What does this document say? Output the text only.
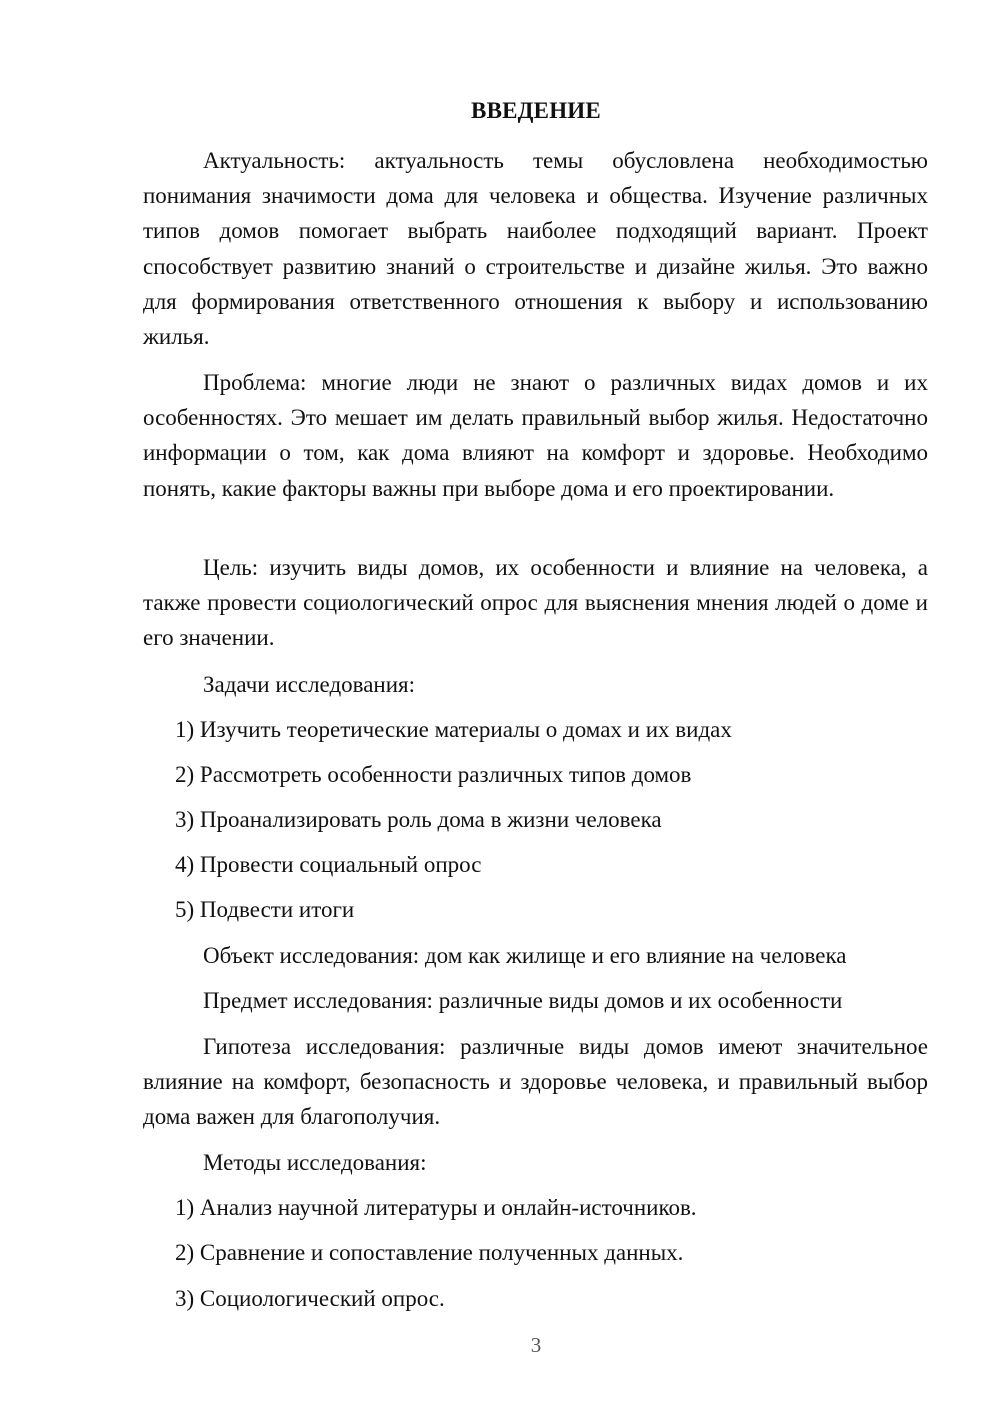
ВВЕДЕНИЕ

Актуальность: актуальность темы обусловлена необходимостью понимания значимости дома для человека и общества. Изучение различных типов домов помогает выбрать наиболее подходящий вариант. Проект способствует развитию знаний о строительстве и дизайне жилья. Это важно для формирования ответственного отношения к выбору и использованию жилья.

Проблема: многие люди не знают о различных видах домов и их особенностях. Это мешает им делать правильный выбор жилья. Недостаточно информации о том, как дома влияют на комфорт и здоровье. Необходимо понять, какие факторы важны при выборе дома и его проектировании.

Цель: изучить виды домов, их особенности и влияние на человека, а также провести социологический опрос для выяснения мнения людей о доме и его значении.

Задачи исследования:

1) Изучить теоретические материалы о домах и их видах

2) Рассмотреть особенности различных типов домов

3) Проанализировать роль дома в жизни человека

4) Провести социальный опрос

5) Подвести итоги

Объект исследования: дом как жилище и его влияние на человека

Предмет исследования: различные виды домов и их особенности

Гипотеза исследования: различные виды домов имеют значительное влияние на комфорт, безопасность и здоровье человека, и правильный выбор дома важен для благополучия.

Методы исследования:

1) Анализ научной литературы и онлайн-источников.

2) Сравнение и сопоставление полученных данных.

3) Социологический опрос.

3
